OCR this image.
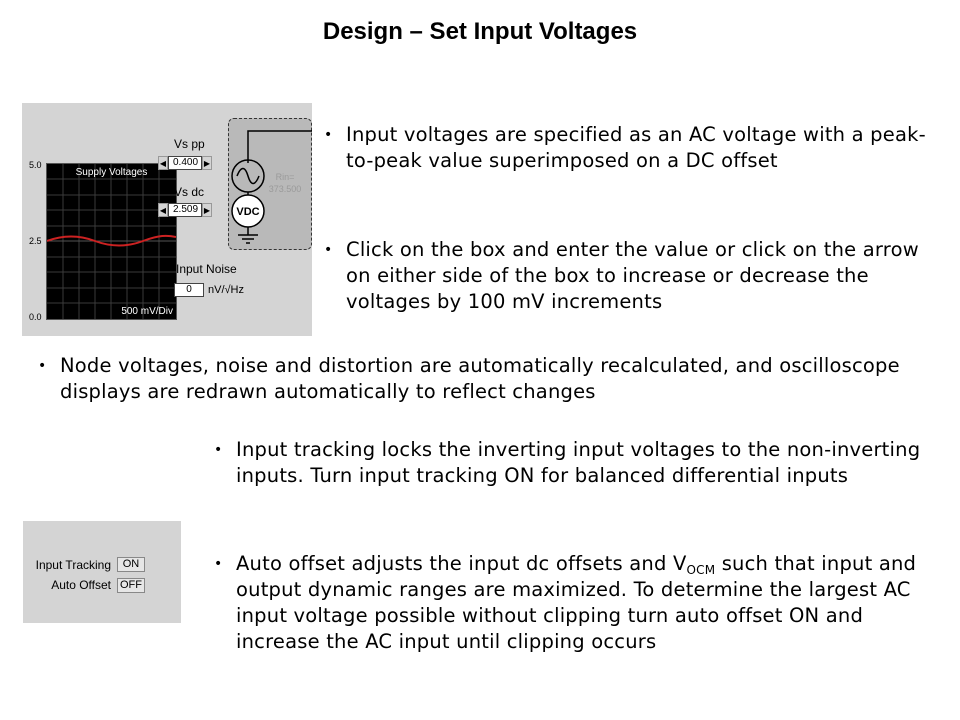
Design – Set Input Voltages
5.0
2.5
0.0
Supply Voltages
500 mV/Div
Vs pp
◀ 0.400 ▶
Vs dc
◀ 2.509 ▶
Input Noise
0	nV/√Hz
VDC
Rin=
373.500
• Input voltages are specified as an AC voltage with a peak-to-peak value superimposed on a DC offset
• Click on the box and enter the value or click on the arrow on either side of the box to increase or decrease the voltages by 100 mV increments
• Node voltages, noise and distortion are automatically recalculated, and oscilloscope displays are redrawn automatically to reflect changes
• Input tracking locks the inverting input voltages to the non-inverting inputs. Turn input tracking ON for balanced differential inputs
• Auto offset adjusts the input dc offsets and $V_{OCM}$ such that input and output dynamic ranges are maximized. To determine the largest AC input voltage possible without clipping turn auto offset ON and increase the AC input until clipping occurs
Input Tracking	ON
Auto Offset OFF
